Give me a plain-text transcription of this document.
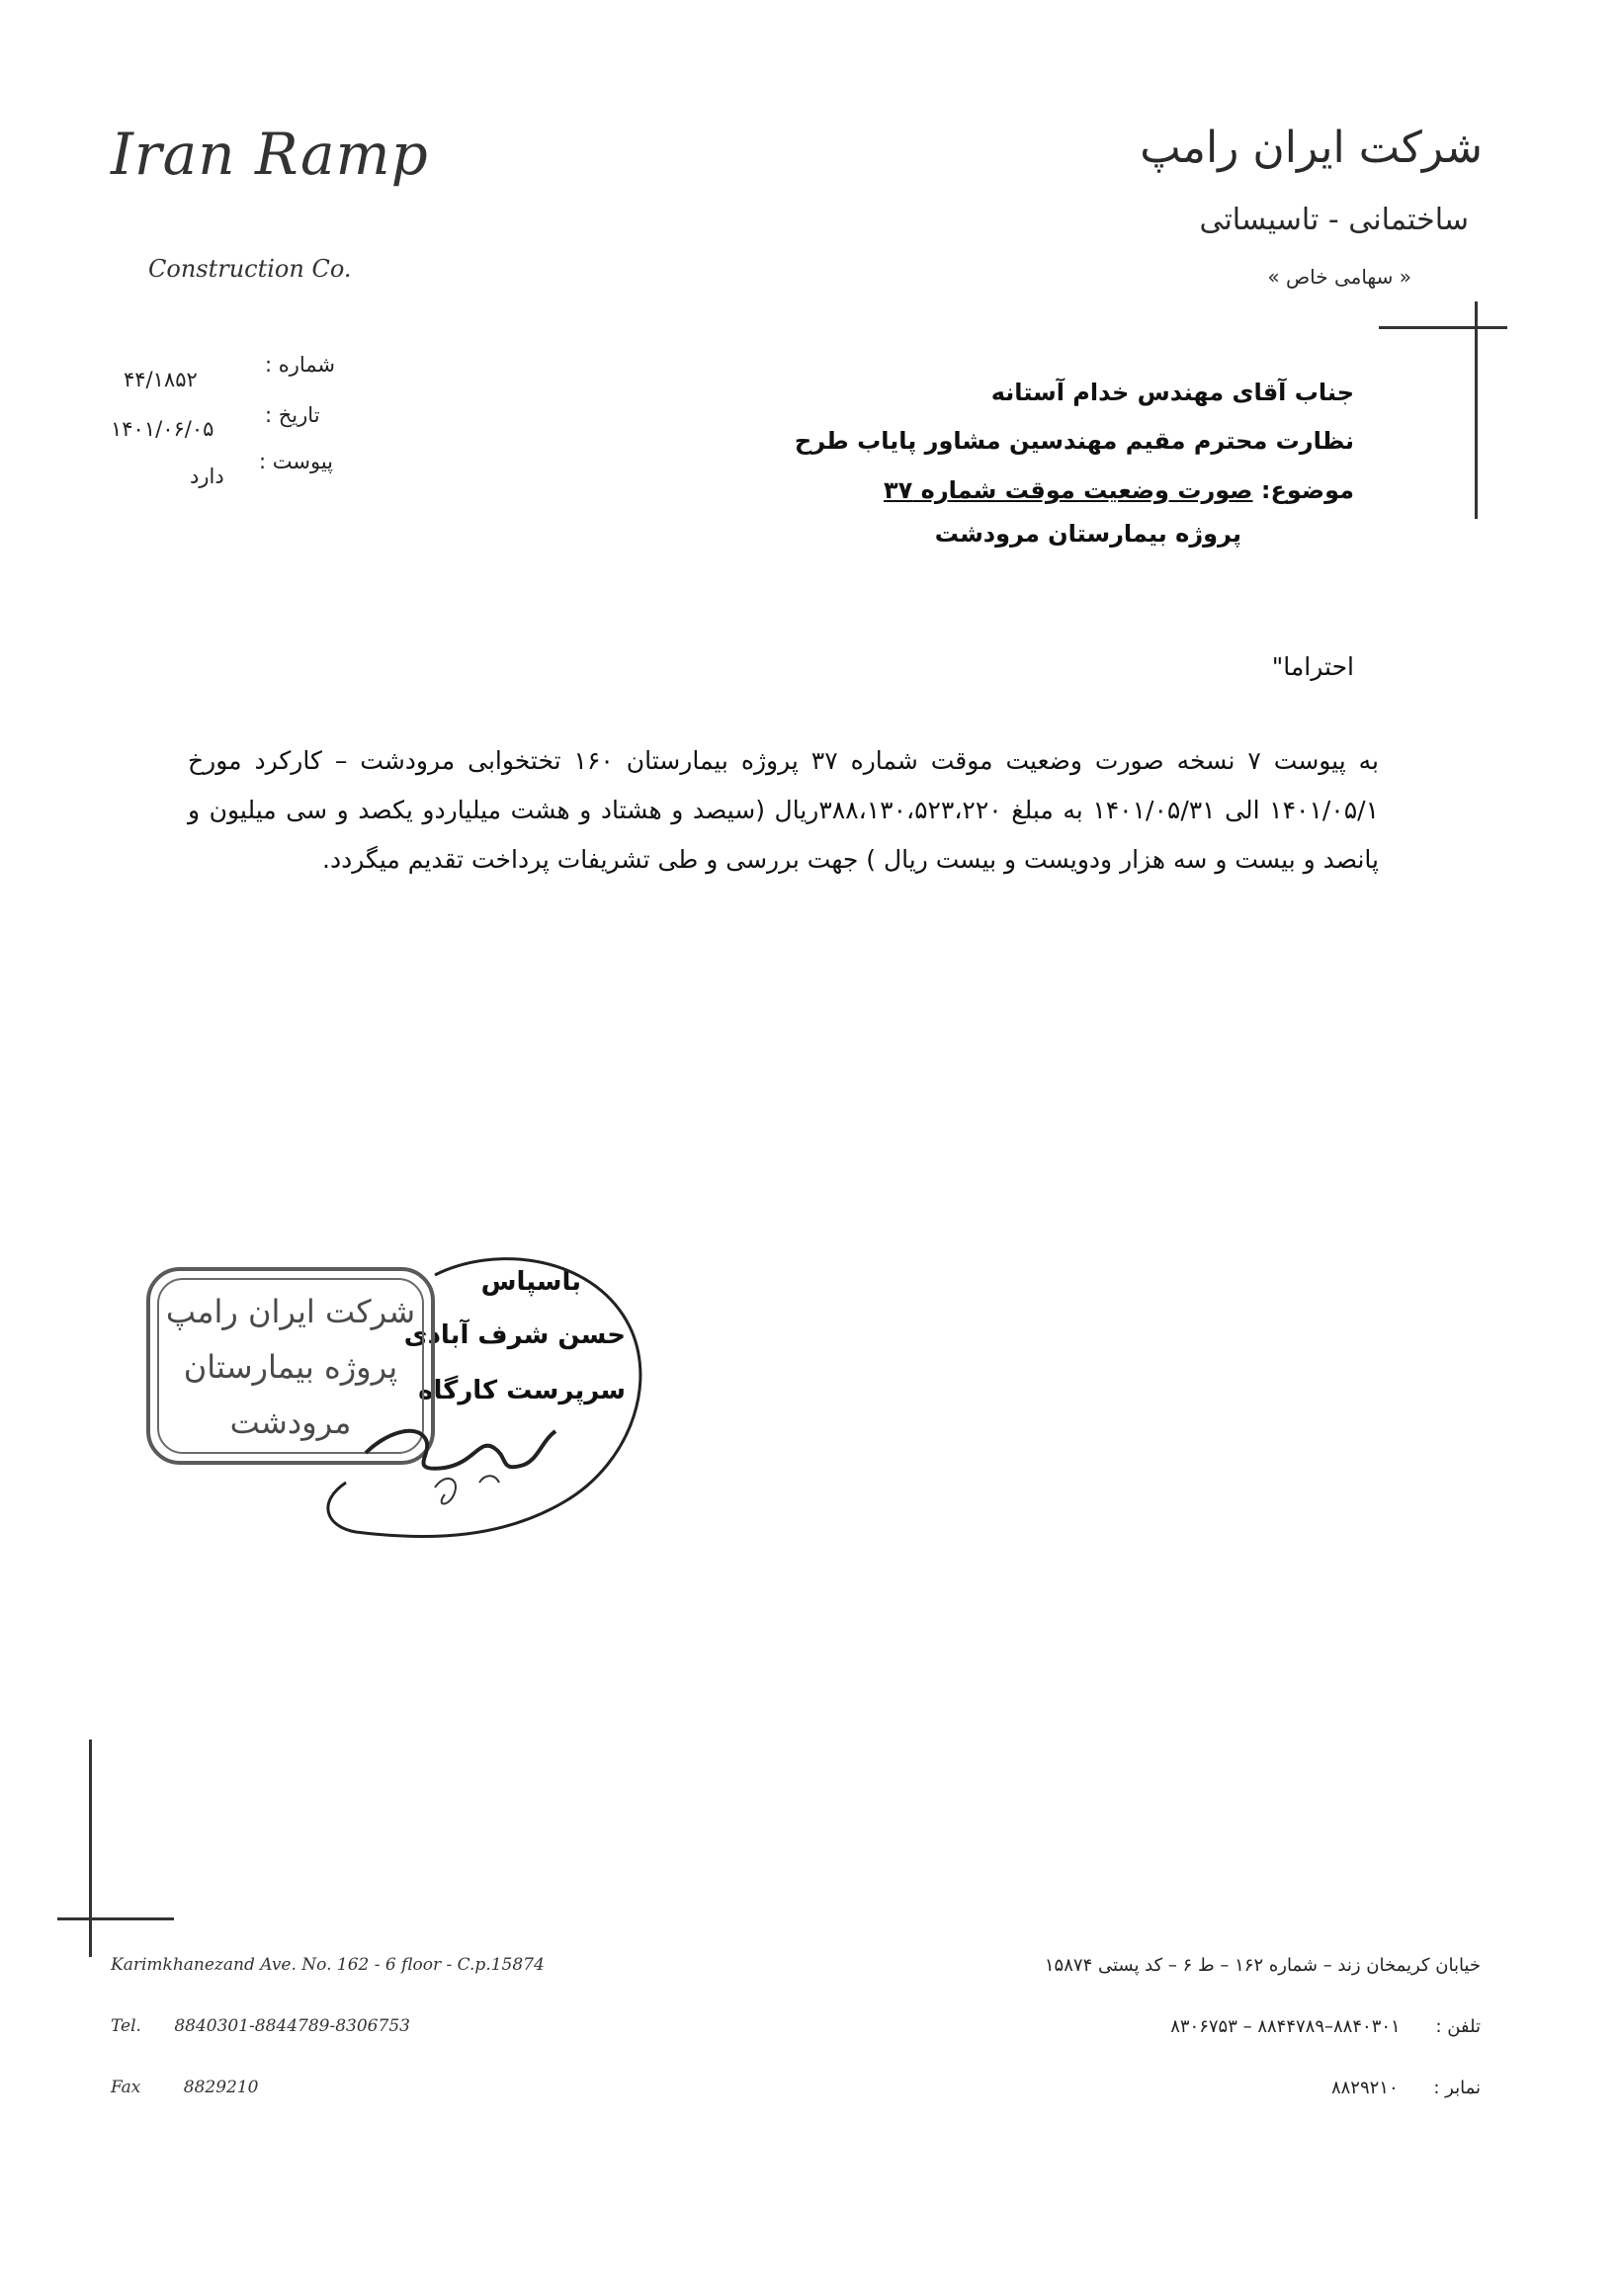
Iran Ramp
Construction Co.
شرکت ایران رامپ
ساختمانی - تاسیساتی
« سهامی خاص »
شماره :
۴۴/۱۸۵۲
تاریخ :
۱۴۰۱/۰۶/۰۵
پیوست :
دارد
جناب آقای مهندس خدام آستانه
نظارت محترم مقیم مهندسین مشاور پایاب طرح
موضوع: صورت وضعیت موقت شماره ۳۷
پروژه بیمارستان مرودشت
احتراما"
به پیوست ۷ نسخه صورت وضعیت موقت شماره ۳۷ پروژه بیمارستان ۱۶۰ تختخوابی مرودشت – کارکرد مورخ ۱۴۰۱/۰۵/۱ الی ۱۴۰۱/۰۵/۳۱ به مبلغ ۳۸۸،۱۳۰،۵۲۳،۲۲۰ریال (سیصد و هشتاد و هشت میلیاردو یکصد و سی میلیون و پانصد و بیست و سه هزار ودویست و بیست ریال ) جهت بررسی و طی تشریفات پرداخت تقدیم میگردد.
باسپاس
حسن شرف آبادی
سرپرست کارگاه
شرکت ایران رامپ
پروژه بیمارستان
مرودشت
Karimkhanezand Ave. No. 162 - 6 floor - C.p.15874
Tel. 8840301-8844789-8306753
Fax	8829210
خیابان کریمخان زند – شماره ۱۶۲ – ط ۶ – کد پستی ۱۵۸۷۴
تلفن : ۸۸۴۰۳۰۱–۸۸۴۴۷۸۹ – ۸۳۰۶۷۵۳
نمابر : ۸۸۲۹۲۱۰
